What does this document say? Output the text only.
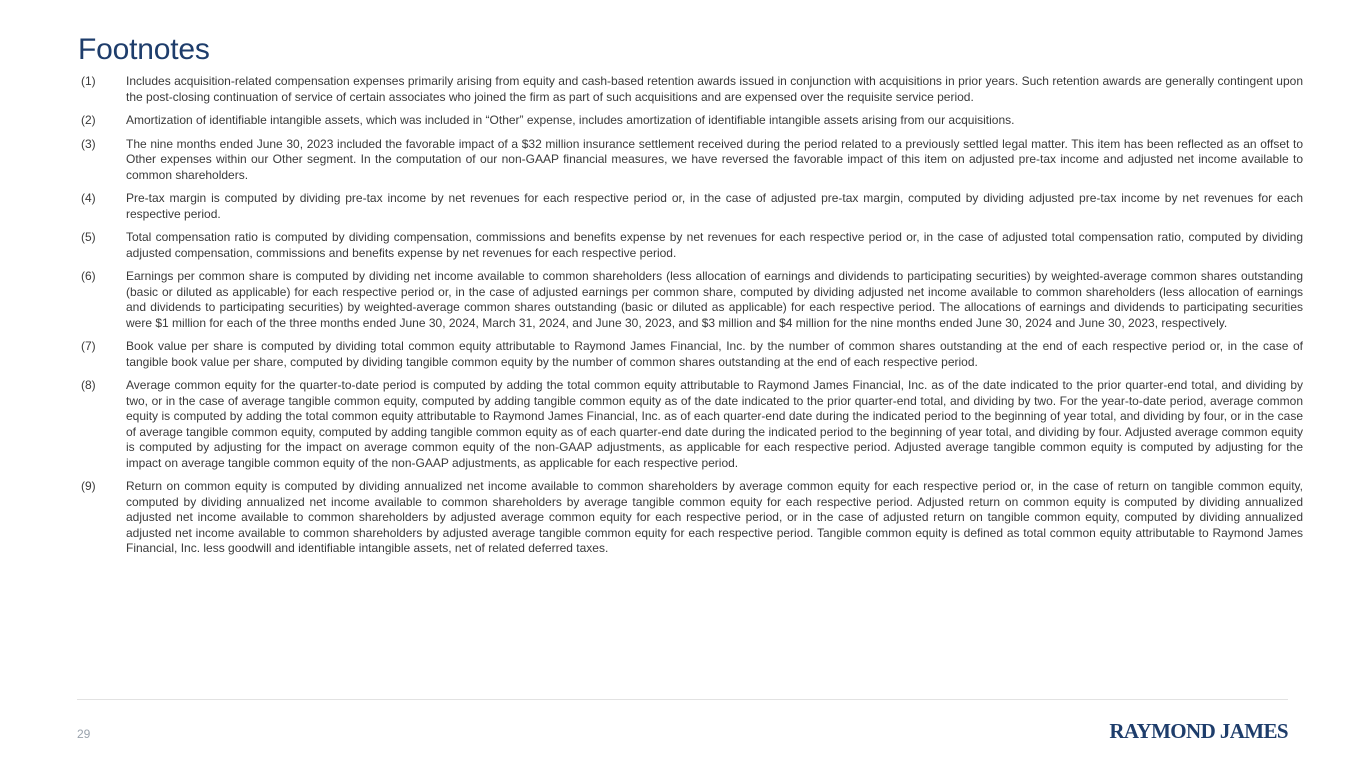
Footnotes
(1)	Includes acquisition-related compensation expenses primarily arising from equity and cash-based retention awards issued in conjunction with acquisitions in prior years. Such retention awards are generally contingent upon the post-closing continuation of service of certain associates who joined the firm as part of such acquisitions and are expensed over the requisite service period.
(2)	Amortization of identifiable intangible assets, which was included in “Other” expense, includes amortization of identifiable intangible assets arising from our acquisitions.
(3)	The nine months ended June 30, 2023 included the favorable impact of a $32 million insurance settlement received during the period related to a previously settled legal matter. This item has been reflected as an offset to Other expenses within our Other segment. In the computation of our non-GAAP financial measures, we have reversed the favorable impact of this item on adjusted pre-tax income and adjusted net income available to common shareholders.
(4)	Pre-tax margin is computed by dividing pre-tax income by net revenues for each respective period or, in the case of adjusted pre-tax margin, computed by dividing adjusted pre-tax income by net revenues for each respective period.
(5)	Total compensation ratio is computed by dividing compensation, commissions and benefits expense by net revenues for each respective period or, in the case of adjusted total compensation ratio, computed by dividing adjusted compensation, commissions and benefits expense by net revenues for each respective period.
(6)	Earnings per common share is computed by dividing net income available to common shareholders (less allocation of earnings and dividends to participating securities) by weighted-average common shares outstanding (basic or diluted as applicable) for each respective period or, in the case of adjusted earnings per common share, computed by dividing adjusted net income available to common shareholders (less allocation of earnings and dividends to participating securities) by weighted-average common shares outstanding (basic or diluted as applicable) for each respective period. The allocations of earnings and dividends to participating securities were $1 million for each of the three months ended June 30, 2024, March 31, 2024, and June 30, 2023, and $3 million and $4 million for the nine months ended June 30, 2024 and June 30, 2023, respectively.
(7)	Book value per share is computed by dividing total common equity attributable to Raymond James Financial, Inc. by the number of common shares outstanding at the end of each respective period or, in the case of tangible book value per share, computed by dividing tangible common equity by the number of common shares outstanding at the end of each respective period.
(8)	Average common equity for the quarter-to-date period is computed by adding the total common equity attributable to Raymond James Financial, Inc. as of the date indicated to the prior quarter-end total, and dividing by two, or in the case of average tangible common equity, computed by adding tangible common equity as of the date indicated to the prior quarter-end total, and dividing by two. For the year-to-date period, average common equity is computed by adding the total common equity attributable to Raymond James Financial, Inc. as of each quarter-end date during the indicated period to the beginning of year total, and dividing by four, or in the case of average tangible common equity, computed by adding tangible common equity as of each quarter-end date during the indicated period to the beginning of year total, and dividing by four. Adjusted average common equity is computed by adjusting for the impact on average common equity of the non-GAAP adjustments, as applicable for each respective period. Adjusted average tangible common equity is computed by adjusting for the impact on average tangible common equity of the non-GAAP adjustments, as applicable for each respective period.
(9)	Return on common equity is computed by dividing annualized net income available to common shareholders by average common equity for each respective period or, in the case of return on tangible common equity, computed by dividing annualized net income available to common shareholders by average tangible common equity for each respective period. Adjusted return on common equity is computed by dividing annualized adjusted net income available to common shareholders by adjusted average common equity for each respective period, or in the case of adjusted return on tangible common equity, computed by dividing annualized adjusted net income available to common shareholders by adjusted average tangible common equity for each respective period. Tangible common equity is defined as total common equity attributable to Raymond James Financial, Inc. less goodwill and identifiable intangible assets, net of related deferred taxes.
29	RAYMOND JAMES
